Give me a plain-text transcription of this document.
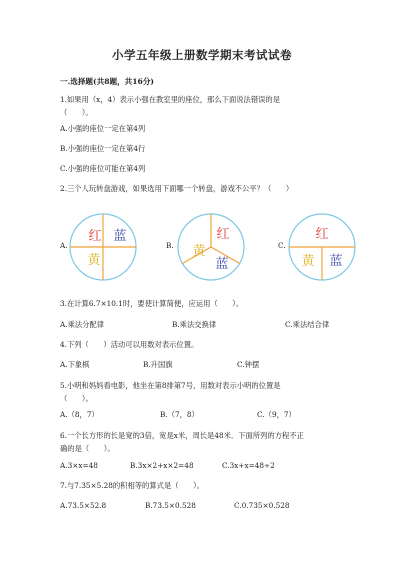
小学五年级上册数学期末考试试卷
一.选择题(共8题，共16分)
1.如果用（x，4）表示小强在教室里的座位，那么下面说法错误的是
（　　）。
A.小强的座位一定在第4列
B.小强的座位一定在第4行
C.小强的座位可能在第4列
2.三个人玩转盘游戏，如果选用下面哪一个转盘，游戏不公平？（　　）
A.
红 蓝
黄
B.
红
黄
蓝
C.
红
黄 蓝
3.在计算6.7×10.1时，要使计算简便，应运用（　　）。
A.乘法分配律	B.乘法交换律	C.乘法结合律
4.下列（　　）活动可以用数对表示位置。
A.下象棋	B.升国旗	C.钟摆
5.小明和妈妈看电影，他坐在第8排第7号，用数对表示小明的位置是
（　　）。
A.（8，7）	B.（7，8）	C.（9，7）
6.一个长方形的长是宽的3倍，宽是x米，周长是48米．下面所列的方程不正
确的是（　　）。
A.3×x=48	B.3x×2+x×2=48	C.3x+x=48÷2
7.与7.35×5.28的积相等的算式是（　　）。
A.73.5×52.8	B.73.5×0.528	C.0.735×0.528
